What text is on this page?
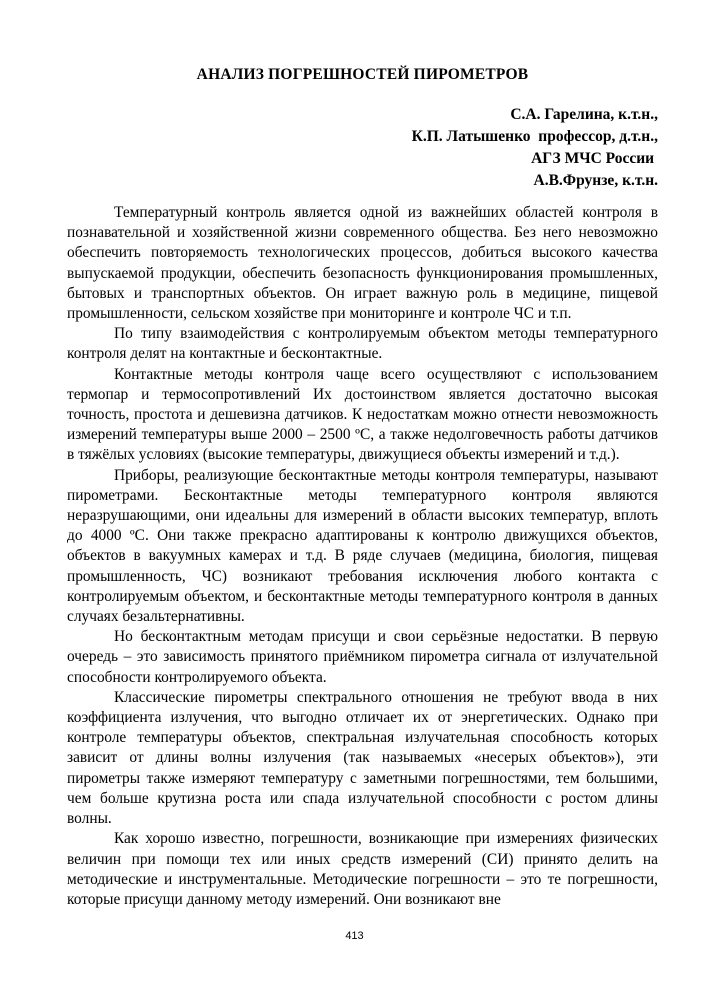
АНАЛИЗ ПОГРЕШНОСТЕЙ ПИРОМЕТРОВ
С.А. Гарелина, к.т.н.,
К.П. Латышенко  профессор, д.т.н.,
АГЗ МЧС России
А.В.Фрунзе, к.т.н.

Температурный контроль является одной из важнейших областей контроля в познавательной и хозяйственной жизни современного общества. Без него невозможно обеспечить повторяемость технологических процессов, добиться высокого качества выпускаемой продукции, обеспечить безопасность функционирования промышленных, бытовых и транспортных объектов. Он играет важную роль в медицине, пищевой промышленности, сельском хозяйстве при мониторинге и контроле ЧС и т.п.

По типу взаимодействия с контролируемым объектом методы температурного контроля делят на контактные и бесконтактные.

Контактные методы контроля чаще всего осуществляют с использованием термопар и термосопротивлений Их достоинством является достаточно высокая точность, простота и дешевизна датчиков. К недостаткам можно отнести невозможность измерений температуры выше 2000 – 2500 ºС, а также недолговечность работы датчиков в тяжёлых условиях (высокие температуры, движущиеся объекты измерений и т.д.).

Приборы, реализующие бесконтактные методы контроля температуры, называют пирометрами. Бесконтактные методы температурного контроля являются неразрушающими, они идеальны для измерений в области высоких температур, вплоть до 4000 ºС. Они также прекрасно адаптированы к контролю движущихся объектов, объектов в вакуумных камерах и т.д. В ряде случаев (медицина, биология, пищевая промышленность, ЧС) возникают требования исключения любого контакта с контролируемым объектом, и бесконтактные методы температурного контроля в данных случаях безальтернативны.

Но бесконтактным методам присущи и свои серьёзные недостатки. В первую очередь – это зависимость принятого приёмником пирометра сигнала от излучательной способности контролируемого объекта.

Классические пирометры спектрального отношения не требуют ввода в них коэффициента излучения, что выгодно отличает их от энергетических. Однако при контроле температуры объектов, спектральная излучательная способность которых зависит от длины волны излучения (так называемых «несерых объектов»), эти пирометры также измеряют температуру с заметными погрешностями, тем большими, чем больше крутизна роста или спада излучательной способности с ростом длины волны.

Как хорошо известно, погрешности, возникающие при измерениях физических величин при помощи тех или иных средств измерений (СИ) принято делить на методические и инструментальные. Методические погрешности – это те погрешности, которые присущи данному методу измерений. Они возникают вне

413
